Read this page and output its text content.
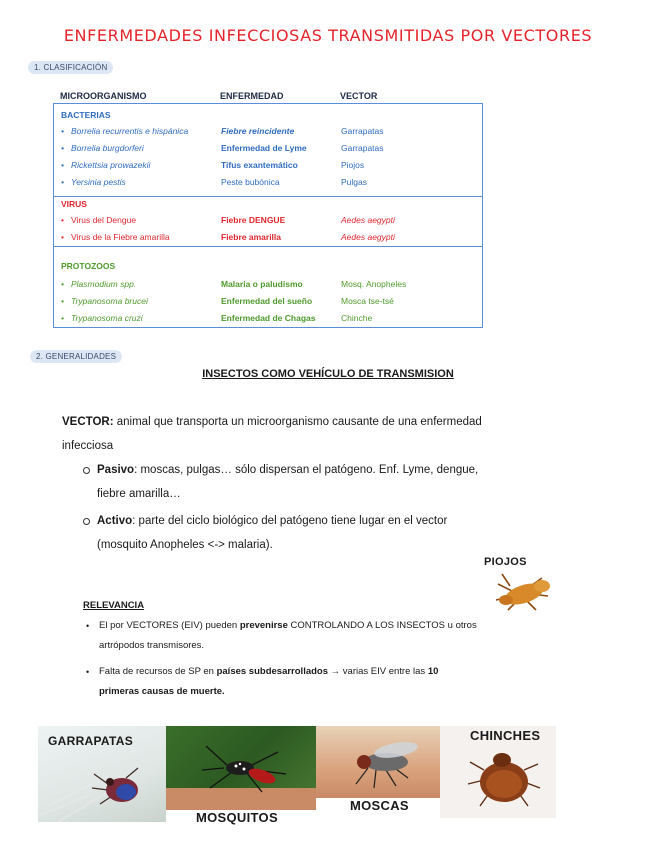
ENFERMEDADES INFECCIOSAS TRANSMITIDAS POR VECTORES
1. CLASIFICACIÓN
MICROORGANISMO	ENFERMEDAD	VECTOR
BACTERIAS
• Borrelia recurrentis e hispánica	Fiebre reincidente	Garrapatas
• Borrelia burgdorferi	Enfermedad de Lyme	Garrapatas
• Rickettsia prowazekii	Tifus exantemático	Piojos
• Yersinia pestis	Peste bubónica	Pulgas
VIRUS
• Virus del Dengue	Fiebre DENGUE	Aedes aegypti
• Virus de la Fiebre amarilla	Fiebre amarilla	Aedes aegypti
PROTOZOOS
• Plasmodium spp.	Malaria o paludismo	Mosq. Anopheles
• Trypanosoma brucei	Enfermedad del sueño	Mosca tse-tsé
• Trypanosoma cruzi	Enfermedad de Chagas	Chinche
2. GENERALIDADES
INSECTOS COMO VEHÍCULO DE TRANSMISION
VECTOR: animal que transporta un microorganismo causante de una enfermedad
infecciosa
Pasivo: moscas, pulgas… sólo dispersan el patógeno. Enf. Lyme, dengue,
fiebre amarilla…
Activo: parte del ciclo biológico del patógeno tiene lugar en el vector
(mosquito Anopheles <-> malaria).
PIOJOS
RELEVANCIA
• El por VECTORES (EIV) pueden prevenirse CONTROLANDO A LOS INSECTOS u otros
artrópodos transmisores.
• Falta de recursos de SP en países subdesarrollados → varias EIV entre las 10
primeras causas de muerte.
GARRAPATAS
MOSQUITOS
MOSCAS
CHINCHES
